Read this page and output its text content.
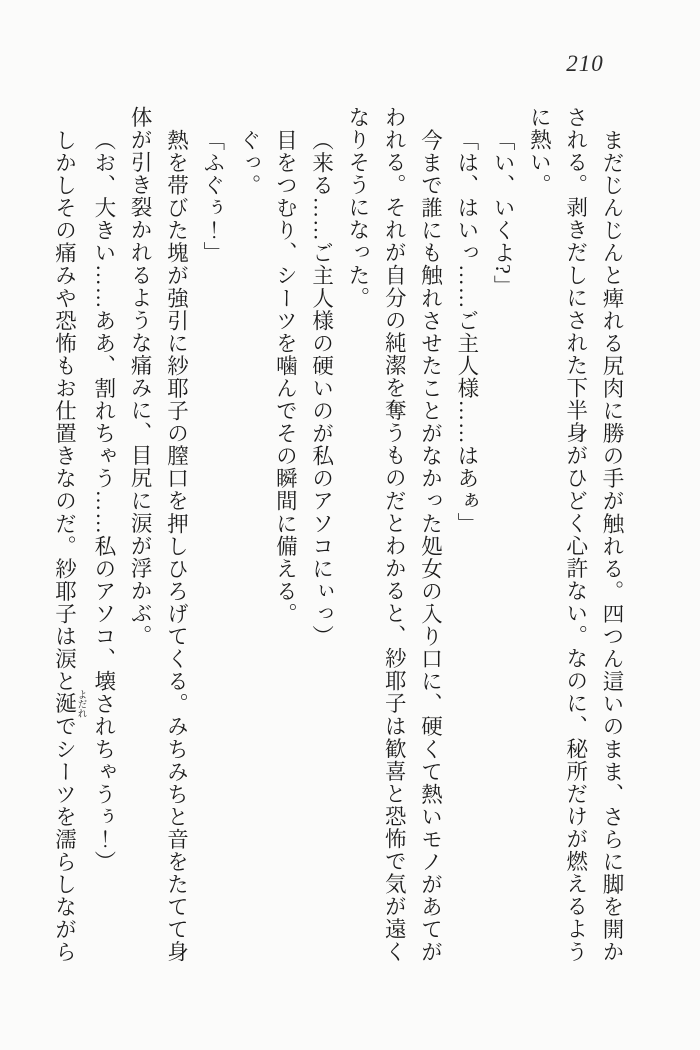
210
まだじんじんと痺れる尻肉に勝の手が触れる。四つん這いのまま、さらに脚を開か
される。剥きだしにされた下半身がひどく心許ない。なのに、秘所だけが燃えるよう
に熱い。
「い、いくよ?」
「は、はいっ……ご主人様……はあぁ」
今まで誰にも触れさせたことがなかった処女の入り口に、硬くて熱いモノがあてが
われる。それが自分の純潔を奪うものだとわかると、紗耶子は歓喜と恐怖で気が遠く
なりそうになった。
（来る……ご主人様の硬いのが私のアソコにぃっ）
目をつむり、シーツを噛んでその瞬間に備える。
ぐっ。
「ふぐぅ！」
熱を帯びた塊が強引に紗耶子の膣口を押しひろげてくる。みちみちと音をたてて身
体が引き裂かれるような痛みに、目尻に涙が浮かぶ。
（お、大きい……ああ、割れちゃう……私のアソコ、壊されちゃうぅ！）
しかしその痛みや恐怖もお仕置きなのだ。紗耶子は涙と涎 よだれでシーツを濡らしながら
